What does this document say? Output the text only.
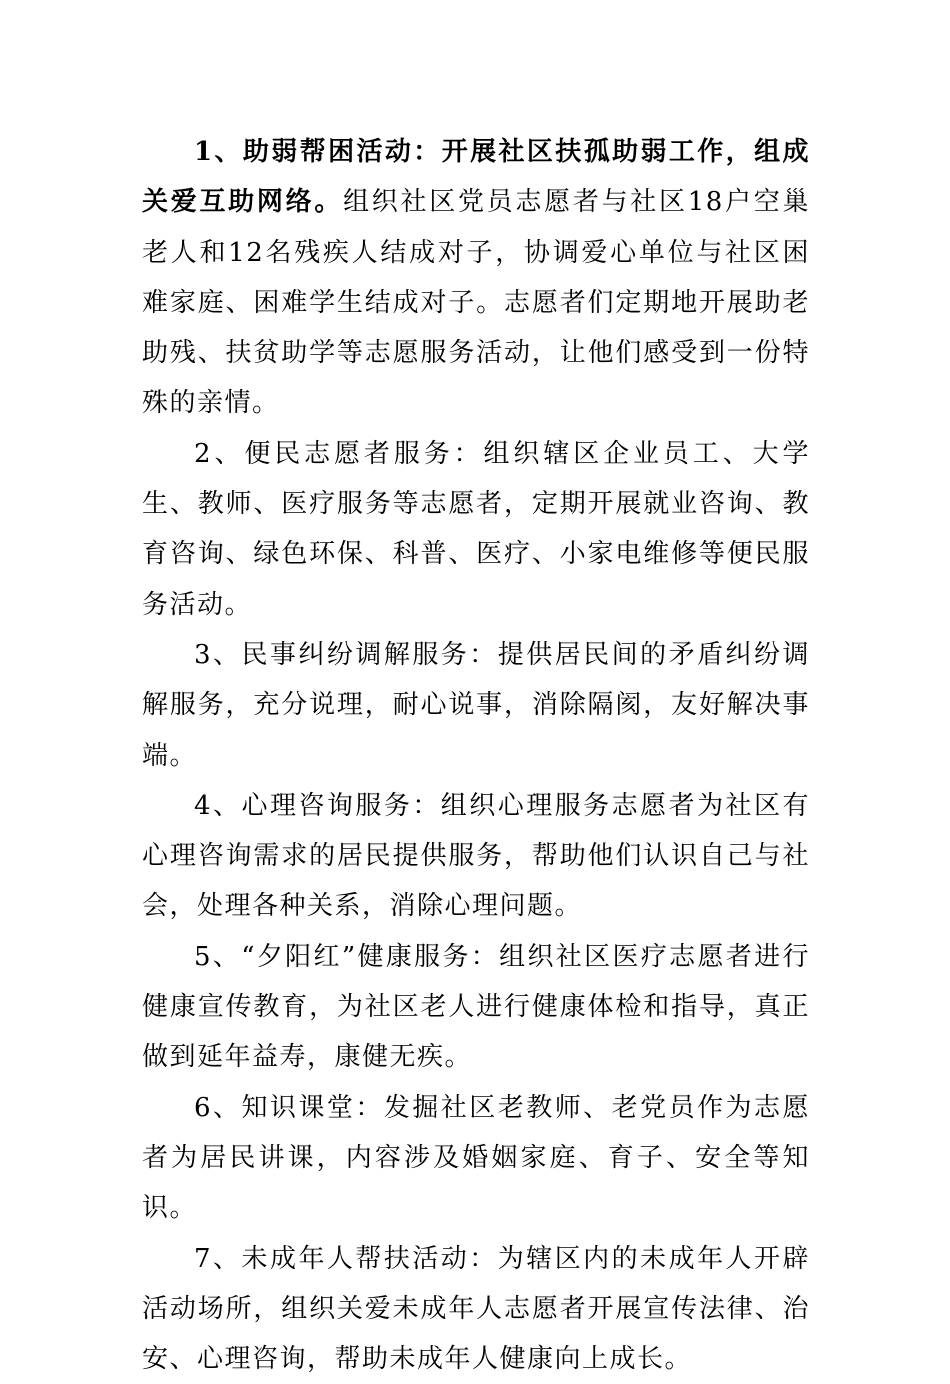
1、助弱帮困活动：开展社区扶孤助弱工作，组成关爱互助网络。组织社区党员志愿者与社区18户空巢老人和12名残疾人结成对子，协调爱心单位与社区困难家庭、困难学生结成对子。志愿者们定期地开展助老助残、扶贫助学等志愿服务活动，让他们感受到一份特殊的亲情。

2、便民志愿者服务：组织辖区企业员工、大学生、教师、医疗服务等志愿者，定期开展就业咨询、教育咨询、绿色环保、科普、医疗、小家电维修等便民服务活动。

3、民事纠纷调解服务：提供居民间的矛盾纠纷调解服务，充分说理，耐心说事，消除隔阂，友好解决事端。

4、心理咨询服务：组织心理服务志愿者为社区有心理咨询需求的居民提供服务，帮助他们认识自己与社会，处理各种关系，消除心理问题。

5、“夕阳红”健康服务：组织社区医疗志愿者进行健康宣传教育，为社区老人进行健康体检和指导，真正做到延年益寿，康健无疾。

6、知识课堂：发掘社区老教师、老党员作为志愿者为居民讲课，内容涉及婚姻家庭、育子、安全等知识。

7、未成年人帮扶活动：为辖区内的未成年人开辟活动场所，组织关爱未成年人志愿者开展宣传法律、治安、心理咨询，帮助未成年人健康向上成长。
